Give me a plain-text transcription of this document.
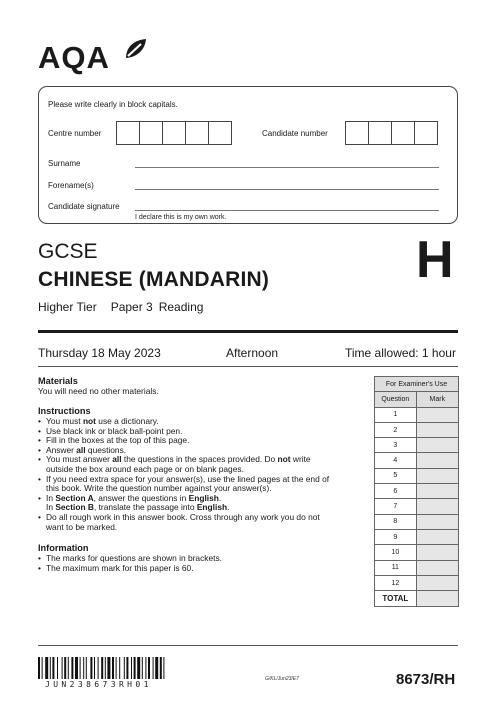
AQA
Please write clearly in block capitals.
Centre number	Candidate number
Surname
Forename(s)
Candidate signature
I declare this is my own work.
GCSE
CHINESE (MANDARIN)
Higher Tier Paper 3 Reading
H
Thursday 18 May 2023	Afternoon	Time allowed: 1 hour
Materials
You will need no other materials.
Instructions
• You must not use a dictionary.
• Use black ink or black ball-point pen.
• Fill in the boxes at the top of this page.
• Answer all questions.
• You must answer all the questions in the spaces provided. Do not write
outside the box around each page or on blank pages.
• If you need extra space for your answer(s), use the lined pages at the end of
this book. Write the question number against your answer(s).
• In Section A, answer the questions in English.
In Section B, translate the passage into English.
• Do all rough work in this answer book. Cross through any work you do not
want to be marked.
Information
• The marks for questions are shown in brackets.
• The maximum mark for this paper is 60.
For Examiner's Use	
Question	Mark
1	
2	
3	
4	
5	
6	
7	
8	
9	
10	
11	
12	
TOTAL	
JUN238673RH01
G/KL/Jun23/E7	8673/RH
